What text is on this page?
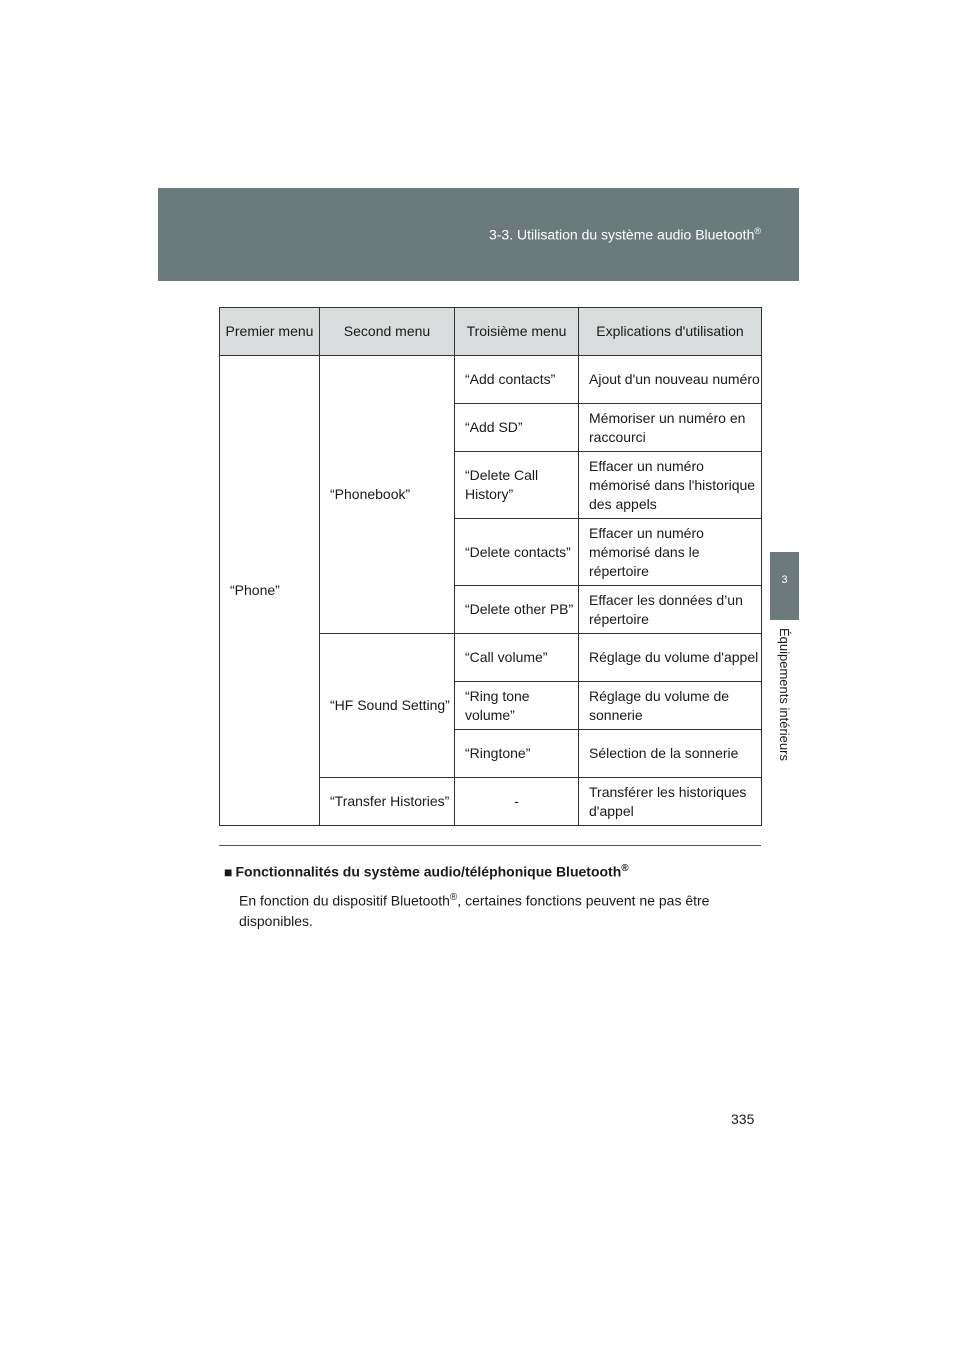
3-3. Utilisation du système audio Bluetooth®
3
Équipements intérieurs
Premier menu	Second menu	Troisième menu	Explications d'utilisation
“Phone”	“Phonebook”	“Add contacts”	Ajout d'un nouveau numéro
		“Add SD”	Mémoriser un numéro en raccourci
		“Delete Call History”	Effacer un numéro mémorisé dans l'historique des appels
		“Delete contacts”	Effacer un numéro mémorisé dans le répertoire
		“Delete other PB”	Effacer les données d’un répertoire
	“HF Sound Setting”	“Call volume”	Réglage du volume d'appel
		“Ring tone volume”	Réglage du volume de sonnerie
		“Ringtone”	Sélection de la sonnerie
	“Transfer Histories”	-	Transférer les historiques d'appel
■ Fonctionnalités du système audio/téléphonique Bluetooth®
En fonction du dispositif Bluetooth®, certaines fonctions peuvent ne pas être disponibles.
335
